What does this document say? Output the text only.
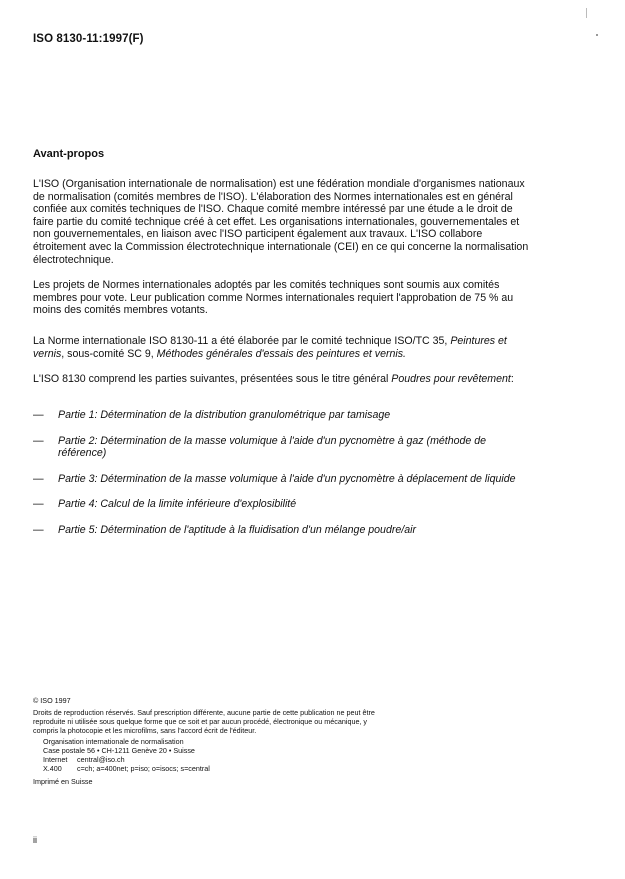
ISO 8130-11:1997(F)
Avant-propos

L'ISO (Organisation internationale de normalisation) est une fédération mondiale d'organismes nationaux de normalisation (comités membres de l'ISO). L'élaboration des Normes internationales est en général confiée aux comités techniques de l'ISO. Chaque comité membre intéressé par une étude a le droit de faire partie du comité technique créé à cet effet. Les organisations internationales, gouvernementales et non gouvernementales, en liaison avec l'ISO participent également aux travaux. L'ISO collabore étroitement avec la Commission électrotechnique internationale (CEI) en ce qui concerne la normalisation électrotechnique.

Les projets de Normes internationales adoptés par les comités techniques sont soumis aux comités membres pour vote. Leur publication comme Normes internationales requiert l'approbation de 75 % au moins des comités membres votants.

La Norme internationale ISO 8130-11 a été élaborée par le comité technique ISO/TC 35, Peintures et vernis, sous-comité SC 9, Méthodes générales d'essais des peintures et vernis.

L'ISO 8130 comprend les parties suivantes, présentées sous le titre général Poudres pour revêtement:

— Partie 1: Détermination de la distribution granulométrique par tamisage
— Partie 2: Détermination de la masse volumique à l'aide d'un pycnomètre à gaz (méthode de référence)
— Partie 3: Détermination de la masse volumique à l'aide d'un pycnomètre à déplacement de liquide
— Partie 4: Calcul de la limite inférieure d'explosibilité
— Partie 5: Détermination de l'aptitude à la fluidisation d'un mélange poudre/air

© ISO 1997

Droits de reproduction réservés. Sauf prescription différente, aucune partie de cette publication ne peut être reproduite ni utilisée sous quelque forme que ce soit et par aucun procédé, électronique ou mécanique, y compris la photocopie et les microfilms, sans l'accord écrit de l'éditeur.

Organisation internationale de normalisation
Case postale 56 • CH-1211 Genève 20 • Suisse
Internet central@iso.ch
X.400 c=ch; a=400net; p=iso; o=isocs; s=central

Imprimé en Suisse

ii
